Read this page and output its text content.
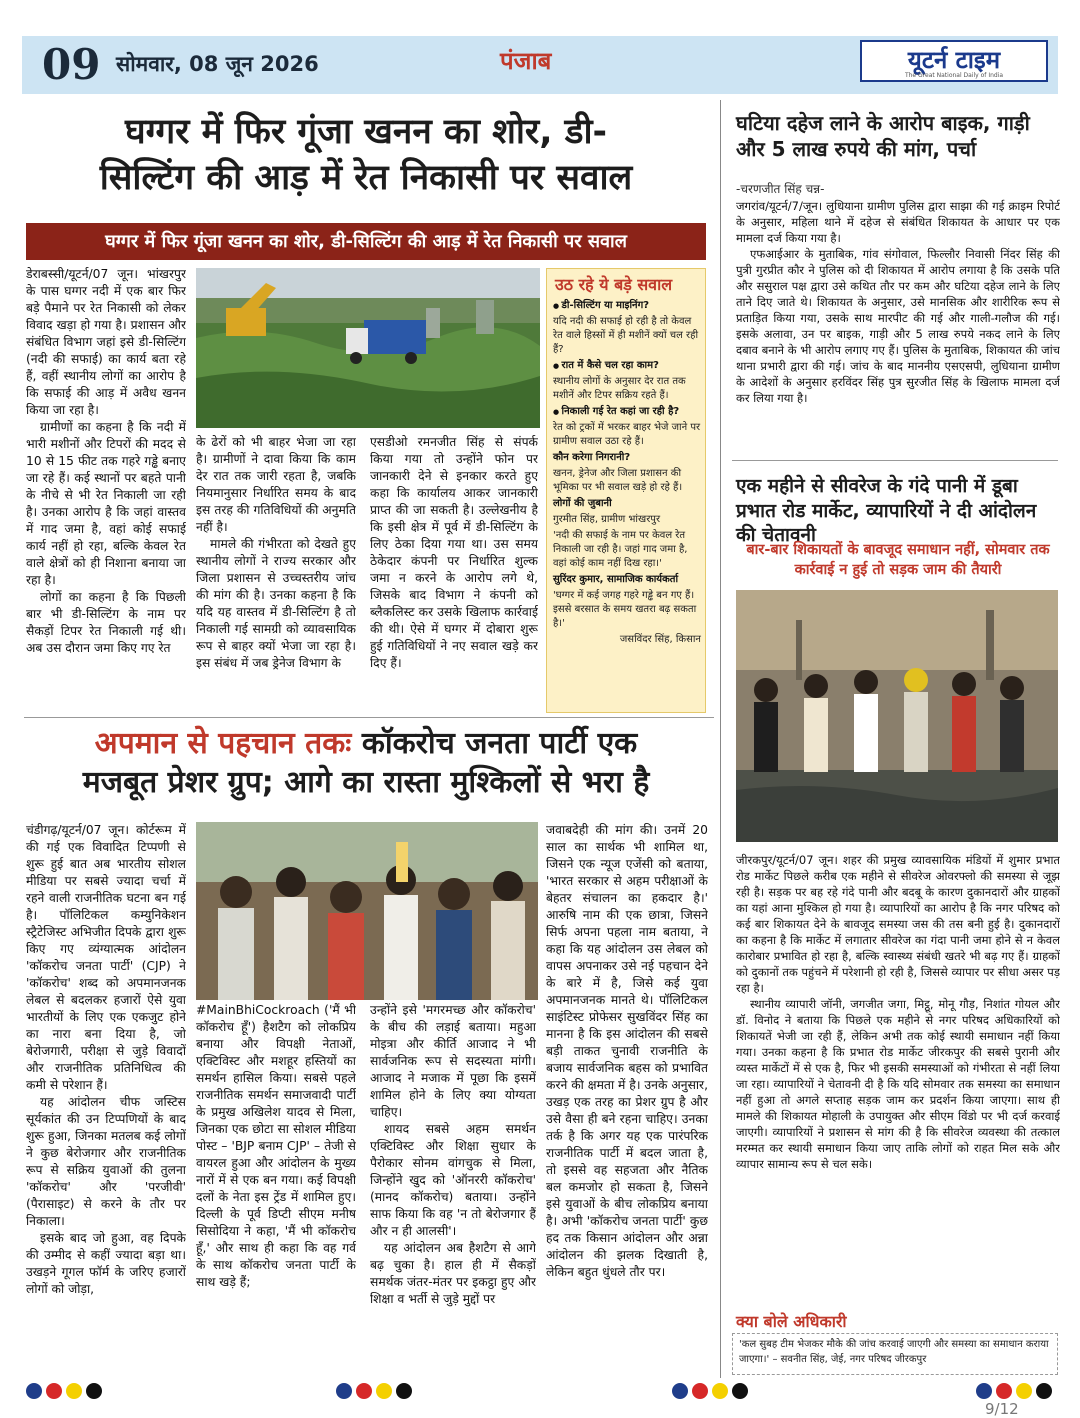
09 सोमवार, 08 जून 2026	पंजाब	यूटर्न टाइम
The Great National Daily of India
घग्गर में फिर गूंजा खनन का शोर, डी-
सिल्टिंग की आड़ में रेत निकासी पर सवाल
घग्गर में फिर गूंजा खनन का शोर, डी-सिल्टिंग की आड़ में रेत निकासी पर सवाल

डेराबस्सी/यूटर्न/07 जून। भांखरपुर के पास घग्गर नदी में एक बार फिर बड़े पैमाने पर रेत निकासी को लेकर विवाद खड़ा हो गया है। प्रशासन और संबंधित विभाग जहां इसे डी-सिल्टिंग (नदी की सफाई) का कार्य बता रहे हैं, वहीं स्थानीय लोगों का आरोप है कि सफाई की आड़ में अवैध खनन किया जा रहा है।

ग्रामीणों का कहना है कि नदी में भारी मशीनों और टिपरों की मदद से 10 से 15 फीट तक गहरे गड्ढे बनाए जा रहे हैं। कई स्थानों पर बहते पानी के नीचे से भी रेत निकाली जा रही है। उनका आरोप है कि जहां वास्तव में गाद जमा है, वहां कोई सफाई कार्य नहीं हो रहा, बल्कि केवल रेत वाले क्षेत्रों को ही निशाना बनाया जा रहा है।

लोगों का कहना है कि पिछली बार भी डी-सिल्टिंग के नाम पर सैकड़ों टिपर रेत निकाली गई थी। अब उस दौरान जमा किए गए रेत

के ढेरों को भी बाहर भेजा जा रहा है। ग्रामीणों ने दावा किया कि काम देर रात तक जारी रहता है, जबकि नियमानुसार निर्धारित समय के बाद इस तरह की गतिविधियों की अनुमति नहीं है।

मामले की गंभीरता को देखते हुए स्थानीय लोगों ने राज्य सरकार और जिला प्रशासन से उच्चस्तरीय जांच की मांग की है। उनका कहना है कि यदि यह वास्तव में डी-सिल्टिंग है तो निकाली गई सामग्री को व्यावसायिक रूप से बाहर क्यों भेजा जा रहा है। इस संबंध में जब ड्रेनेज विभाग के

एसडीओ रमनजीत सिंह से संपर्क किया गया तो उन्होंने फोन पर जानकारी देने से इनकार करते हुए कहा कि कार्यालय आकर जानकारी प्राप्त की जा सकती है। उल्लेखनीय है कि इसी क्षेत्र में पूर्व में डी-सिल्टिंग के लिए ठेका दिया गया था। उस समय ठेकेदार कंपनी पर निर्धारित शुल्क जमा न करने के आरोप लगे थे, जिसके बाद विभाग ने कंपनी को ब्लैकलिस्ट कर उसके खिलाफ कार्रवाई की थी। ऐसे में घग्गर में दोबारा शुरू हुई गतिविधियों ने नए सवाल खड़े कर दिए हैं।

उठ रहे ये बड़े सवाल
● डी-सिल्टिंग या माइनिंग?
यदि नदी की सफाई हो रही है तो केवल रेत वाले हिस्सों में ही मशीनें क्यों चल रही हैं?
● रात में कैसे चल रहा काम?
स्थानीय लोगों के अनुसार देर रात तक मशीनें और टिपर सक्रिय रहते हैं।
● निकाली गई रेत कहां जा रही है?
रेत को ट्रकों में भरकर बाहर भेजे जाने पर ग्रामीण सवाल उठा रहे हैं।
कौन करेगा निगरानी?
खनन, ड्रेनेज और जिला प्रशासन की भूमिका पर भी सवाल खड़े हो रहे हैं।
लोगों की जुबानी
गुरमीत सिंह, ग्रामीण भांखरपुर
'नदी की सफाई के नाम पर केवल रेत निकाली जा रही है। जहां गाद जमा है, वहां कोई काम नहीं दिख रहा।'
सुरिंदर कुमार, सामाजिक कार्यकर्ता
'घग्गर में कई जगह गहरे गड्ढे बन गए हैं। इससे बरसात के समय खतरा बढ़ सकता है।'
जसविंदर सिंह, किसान
अपमान से पहचान तकः कॉकरोच जनता पार्टी एक
मजबूत प्रेशर ग्रुप; आगे का रास्ता मुश्किलों से भरा है

चंडीगढ़/यूटर्न/07 जून। कोर्टरूम में की गई एक विवादित टिप्पणी से शुरू हुई बात अब भारतीय सोशल मीडिया पर सबसे ज्यादा चर्चा में रहने वाली राजनीतिक घटना बन गई है। पॉलिटिकल कम्युनिकेशन स्ट्रैटेजिस्ट अभिजीत दिपके द्वारा शुरू किए गए व्यंग्यात्मक आंदोलन 'कॉकरोच जनता पार्टी' (CJP) ने 'कॉकरोच' शब्द को अपमानजनक लेबल से बदलकर हजारों ऐसे युवा भारतीयों के लिए एक एकजुट होने का नारा बना दिया है, जो बेरोजगारी, परीक्षा से जुड़े विवादों और राजनीतिक प्रतिनिधित्व की कमी से परेशान हैं।

यह आंदोलन चीफ जस्टिस सूर्यकांत की उन टिप्पणियों के बाद शुरू हुआ, जिनका मतलब कई लोगों ने कुछ बेरोजगार और राजनीतिक रूप से सक्रिय युवाओं की तुलना 'कॉकरोच' और 'परजीवी' (पैरासाइट) से करने के तौर पर निकाला।

इसके बाद जो हुआ, वह दिपके की उम्मीद से कहीं ज्यादा बड़ा था। उखड़ने गूगल फॉर्म के जरिए हजारों लोगों को जोड़ा,

#MainBhiCockroach ('मैं भी कॉकरोच हूँ') हैशटैग को लोकप्रिय बनाया और विपक्षी नेताओं, एक्टिविस्ट और मशहूर हस्तियों का समर्थन हासिल किया। सबसे पहले राजनीतिक समर्थन समाजवादी पार्टी के प्रमुख अखिलेश यादव से मिला, जिनका एक छोटा सा सोशल मीडिया पोस्ट – 'BJP बनाम CJP' – तेजी से वायरल हुआ और आंदोलन के मुख्य नारों में से एक बन गया। कई विपक्षी दलों के नेता इस ट्रेंड में शामिल हुए। दिल्ली के पूर्व डिप्टी सीएम मनीष सिसोदिया ने कहा, 'मैं भी कॉकरोच हूँ,' और साथ ही कहा कि वह गर्व के साथ कॉकरोच जनता पार्टी के साथ खड़े हैं;

उन्होंने इसे 'मगरमच्छ और कॉकरोच' के बीच की लड़ाई बताया। महुआ मोइत्रा और कीर्ति आजाद ने भी सार्वजनिक रूप से सदस्यता मांगी। आजाद ने मजाक में पूछा कि इसमें शामिल होने के लिए क्या योग्यता चाहिए।

शायद सबसे अहम समर्थन एक्टिविस्ट और शिक्षा सुधार के पैरोकार सोनम वांगचुक से मिला, जिन्होंने खुद को 'ऑनररी कॉकरोच' (मानद कॉकरोच) बताया। उन्होंने साफ किया कि वह 'न तो बेरोजगार हैं और न ही आलसी'।

यह आंदोलन अब हैशटैग से आगे बढ़ चुका है। हाल ही में सैकड़ों समर्थक जंतर-मंतर पर इकट्ठा हुए और शिक्षा व भर्ती से जुड़े मुद्दों पर

जवाबदेही की मांग की। उनमें 20 साल का सार्थक भी शामिल था, जिसने एक न्यूज एजेंसी को बताया, 'भारत सरकार से अहम परीक्षाओं के बेहतर संचालन का हकदार है।' आरुषि नाम की एक छात्रा, जिसने सिर्फ अपना पहला नाम बताया, ने कहा कि यह आंदोलन उस लेबल को वापस अपनाकर उसे नई पहचान देने के बारे में है, जिसे कई युवा अपमानजनक मानते थे। पॉलिटिकल साइंटिस्ट प्रोफेसर सुखविंदर सिंह का मानना है कि इस आंदोलन की सबसे बड़ी ताकत चुनावी राजनीति के बजाय सार्वजनिक बहस को प्रभावित करने की क्षमता में है। उनके अनुसार, उखड़ एक तरह का प्रेशर ग्रुप है और उसे वैसा ही बने रहना चाहिए। उनका तर्क है कि अगर यह एक पारंपरिक राजनीतिक पार्टी में बदल जाता है, तो इससे वह सहजता और नैतिक बल कमजोर हो सकता है, जिसने इसे युवाओं के बीच लोकप्रिय बनाया है। अभी 'कॉकरोच जनता पार्टी' कुछ हद तक किसान आंदोलन और अन्ना आंदोलन की झलक दिखाती है, लेकिन बहुत धुंधले तौर पर।

घटिया दहेज लाने के आरोप बाइक, गाड़ी और 5 लाख रुपये की मांग, पर्चा
-चरणजीत सिंह चन्न-

जगरांव/यूटर्न/7/जून। लुधियाना ग्रामीण पुलिस द्वारा साझा की गई क्राइम रिपोर्ट के अनुसार, महिला थाने में दहेज से संबंधित शिकायत के आधार पर एक मामला दर्ज किया गया है।

एफआईआर के मुताबिक, गांव संगोवाल, फिल्लौर निवासी निंदर सिंह की पुत्री गुरप्रीत कौर ने पुलिस को दी शिकायत में आरोप लगाया है कि उसके पति और ससुराल पक्ष द्वारा उसे कथित तौर पर कम और घटिया दहेज लाने के लिए ताने दिए जाते थे। शिकायत के अनुसार, उसे मानसिक और शारीरिक रूप से प्रताड़ित किया गया, उसके साथ मारपीट की गई और गाली-गलौज की गई। इसके अलावा, उन पर बाइक, गाड़ी और 5 लाख रुपये नकद लाने के लिए दबाव बनाने के भी आरोप लगाए गए हैं। पुलिस के मुताबिक, शिकायत की जांच थाना प्रभारी द्वारा की गई। जांच के बाद माननीय एसएसपी, लुधियाना ग्रामीण के आदेशों के अनुसार हरविंदर सिंह पुत्र सुरजीत सिंह के खिलाफ मामला दर्ज कर लिया गया है।

एक महीने से सीवरेज के गंदे पानी में डूबा प्रभात रोड मार्केट, व्यापारियों ने दी आंदोलन की चेतावनी
बार-बार शिकायतों के बावजूद समाधान नहीं, सोमवार तक कार्रवाई न हुई तो सड़क जाम की तैयारी

जीरकपुर/यूटर्न/07 जून। शहर की प्रमुख व्यावसायिक मंडियों में शुमार प्रभात रोड मार्केट पिछले करीब एक महीने से सीवरेज ओवरफ्लो की समस्या से जूझ रही है। सड़क पर बह रहे गंदे पानी और बदबू के कारण दुकानदारों और ग्राहकों का यहां आना मुश्किल हो गया है। व्यापारियों का आरोप है कि नगर परिषद को कई बार शिकायत देने के बावजूद समस्या जस की तस बनी हुई है। दुकानदारों का कहना है कि मार्केट में लगातार सीवरेज का गंदा पानी जमा होने से न केवल कारोबार प्रभावित हो रहा है, बल्कि स्वास्थ्य संबंधी खतरे भी बढ़ गए हैं। ग्राहकों को दुकानों तक पहुंचने में परेशानी हो रही है, जिससे व्यापार पर सीधा असर पड़ रहा है।

स्थानीय व्यापारी जॉनी, जगजीत जगा, मिट्ठू, मोनू गौड़, निशांत गोयल और डॉ. विनोद ने बताया कि पिछले एक महीने से नगर परिषद अधिकारियों को शिकायतें भेजी जा रही हैं, लेकिन अभी तक कोई स्थायी समाधान नहीं किया गया। उनका कहना है कि प्रभात रोड मार्केट जीरकपुर की सबसे पुरानी और व्यस्त मार्केटों में से एक है, फिर भी इसकी समस्याओं को गंभीरता से नहीं लिया जा रहा। व्यापारियों ने चेतावनी दी है कि यदि सोमवार तक समस्या का समाधान नहीं हुआ तो अगले सप्ताह सड़क जाम कर प्रदर्शन किया जाएगा। साथ ही मामले की शिकायत मोहाली के उपायुक्त और सीएम विंडो पर भी दर्ज करवाई जाएगी। व्यापारियों ने प्रशासन से मांग की है कि सीवरेज व्यवस्था की तत्काल मरम्मत कर स्थायी समाधान किया जाए ताकि लोगों को राहत मिल सके और व्यापार सामान्य रूप से चल सके।

क्या बोले अधिकारी
'कल सुबह टीम भेजकर मौके की जांच करवाई जाएगी और समस्या का समाधान कराया जाएगा।' – सवनीत सिंह, जेई, नगर परिषद जीरकपुर
9/12
